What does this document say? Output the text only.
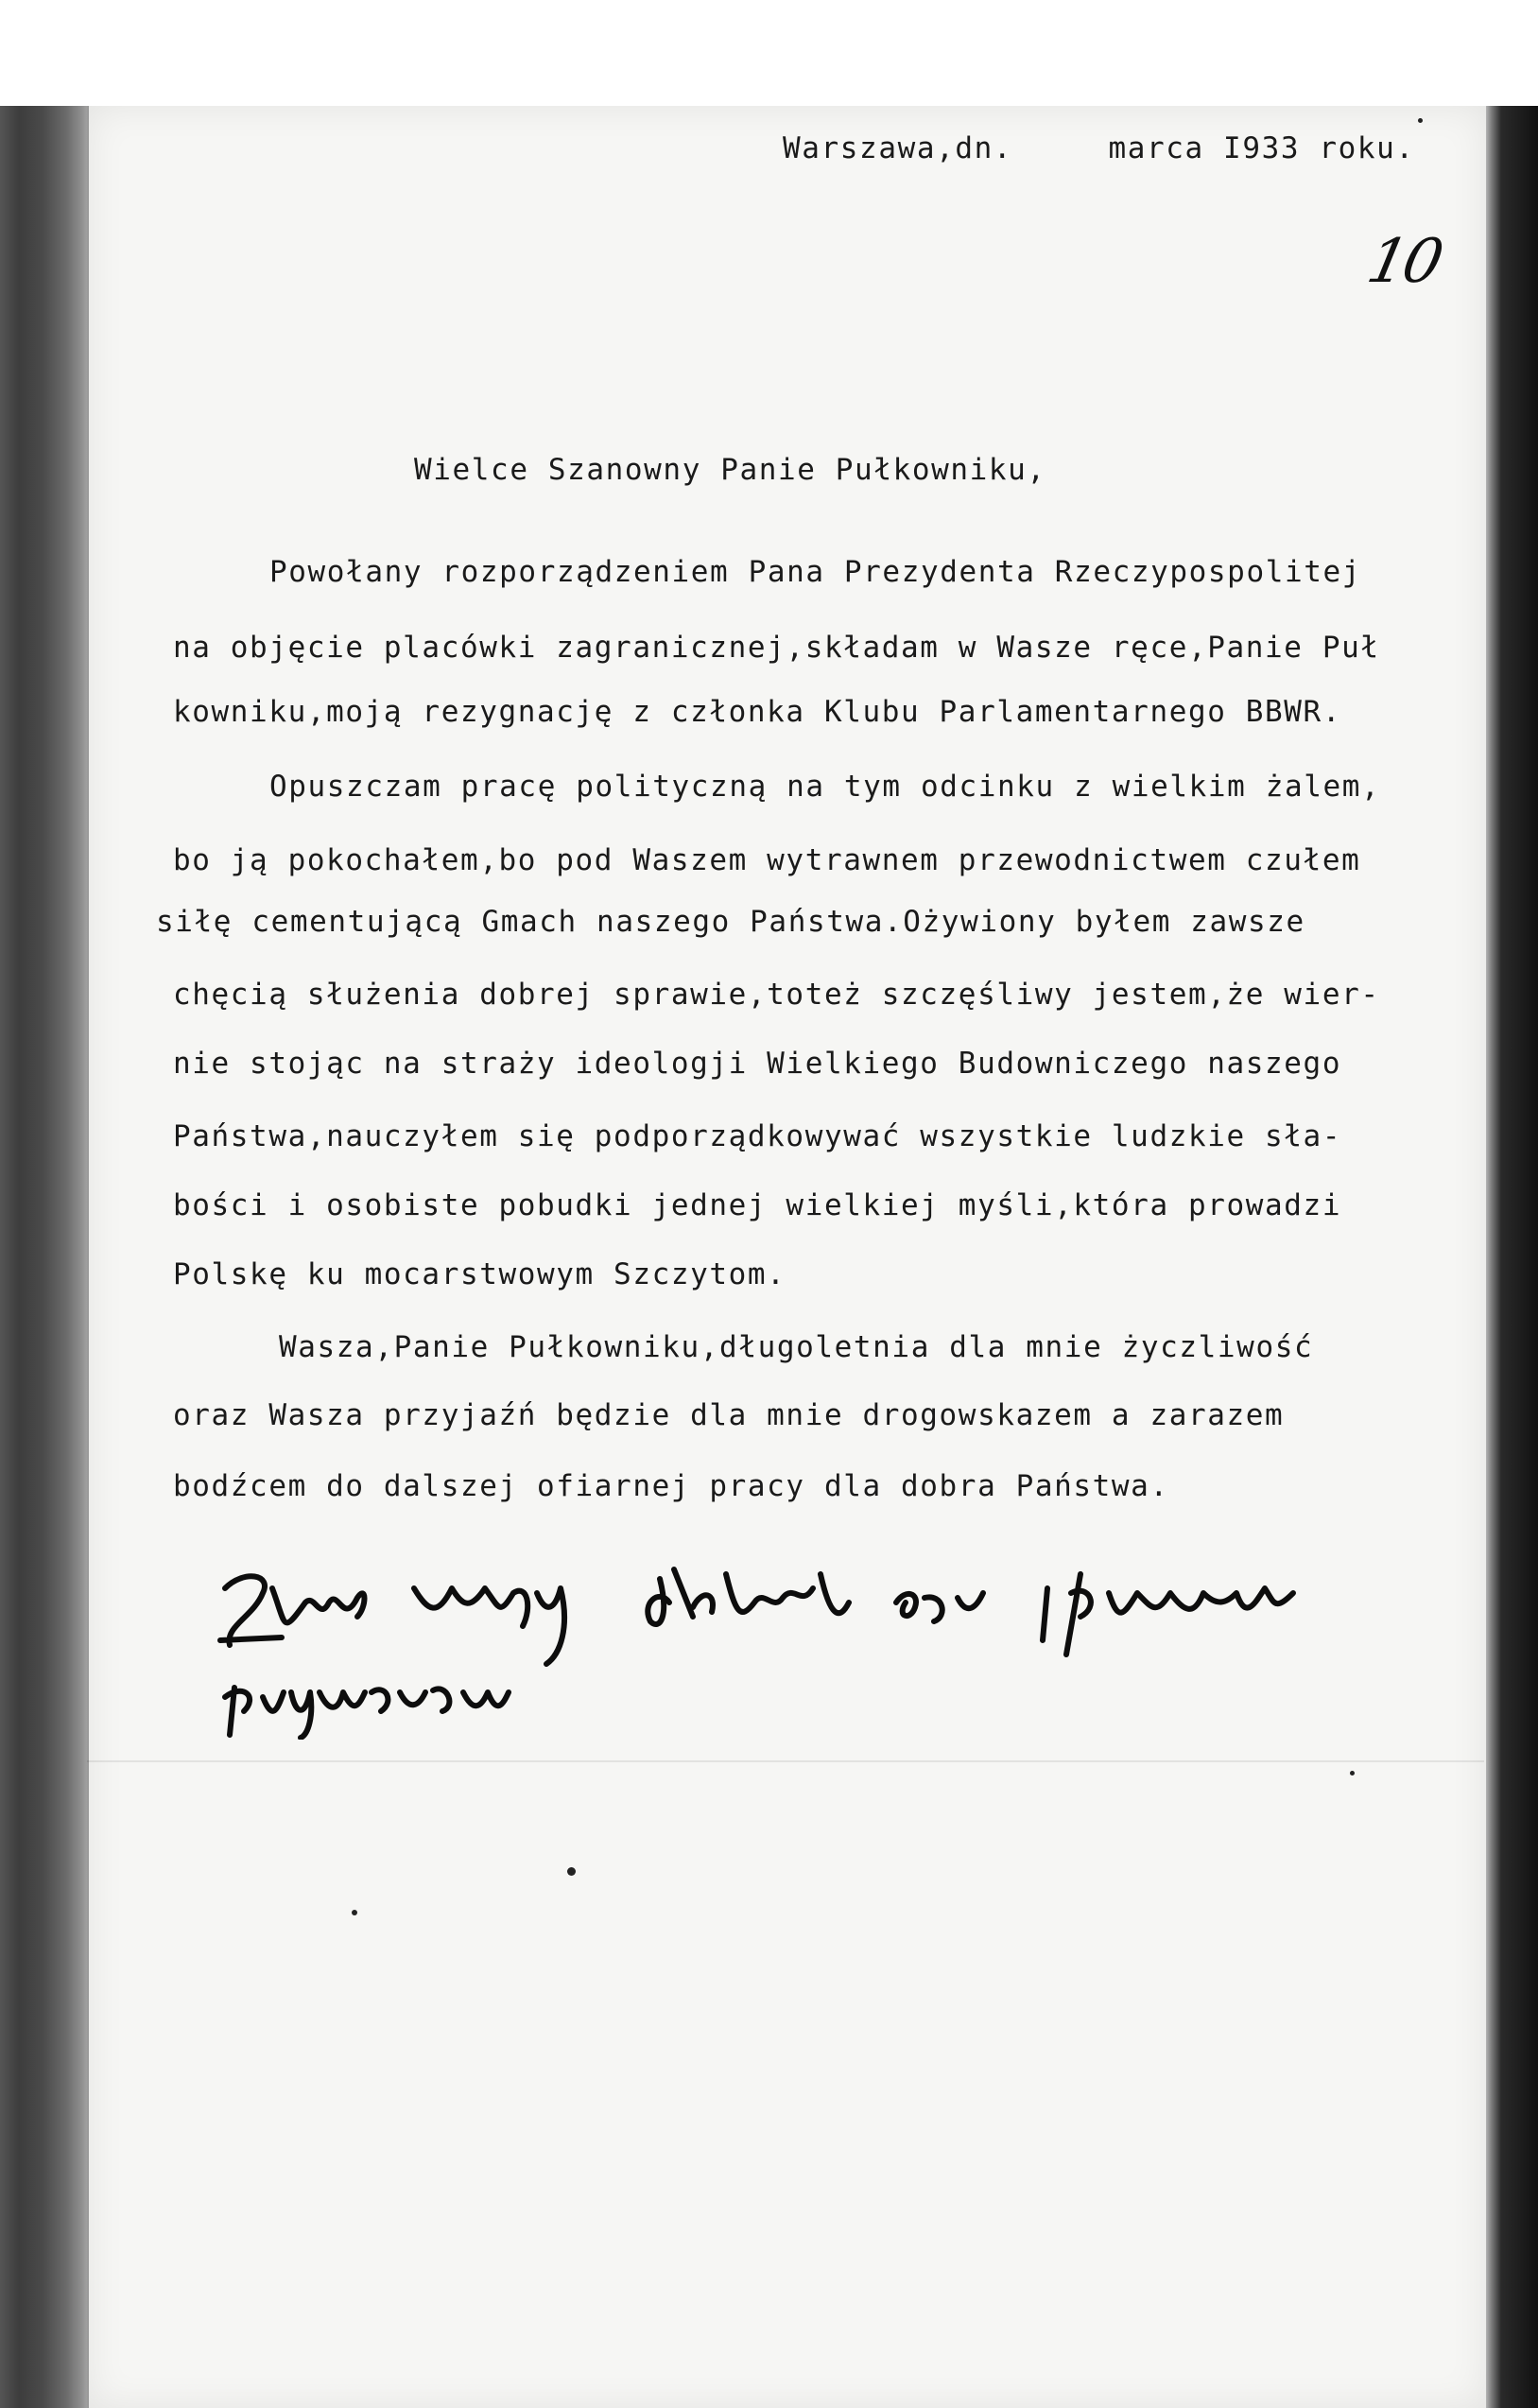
Warszawa,dn.     marca I933 roku.
10
Wielce Szanowny Panie Pułkowniku,
Powołany rozporządzeniem Pana Prezydenta Rzeczypospolitej
na objęcie placówki zagranicznej,składam w Wasze ręce,Panie Puł
kowniku,moją rezygnację z członka Klubu Parlamentarnego BBWR.
Opuszczam pracę polityczną na tym odcinku z wielkim żalem,
bo ją pokochałem,bo pod Waszem wytrawnem przewodnictwem czułem
siłę cementującą Gmach naszego Państwa.Ożywiony byłem zawsze
chęcią służenia dobrej sprawie,toteż szczęśliwy jestem,że wier-
nie stojąc na straży ideologji Wielkiego Budowniczego naszego
Państwa,nauczyłem się podporządkowywać wszystkie ludzkie sła-
bości i osobiste pobudki jednej wielkiej myśli,która prowadzi
Polskę ku mocarstwowym Szczytom.
Wasza,Panie Pułkowniku,długoletnia dla mnie życzliwość
oraz Wasza przyjaźń będzie dla mnie drogowskazem a zarazem
bodźcem do dalszej ofiarnej pracy dla dobra Państwa.
